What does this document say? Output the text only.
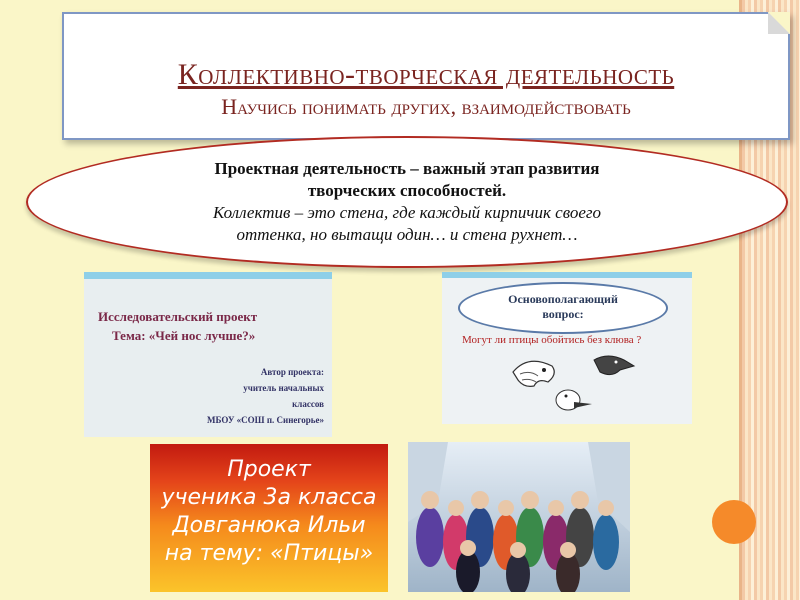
Коллективно-творческая деятельность
Научись понимать других, взаимодействовать
Проектная деятельность – важный этап развития
творческих способностей.
Коллектив – это стена, где каждый кирпичик своего
оттенка, но вытащи один… и стена рухнет…
Исследовательский проект
Тема: «Чей нос лучше?»
Автор проекта:
учитель начальных
классов
МБОУ «СОШ п. Синегорье»
Основополагающий
вопрос:
Могут ли птицы обойтись без клюва ?
Проект
ученика 3а класса
Довганюка Ильи
на тему: «Птицы»
